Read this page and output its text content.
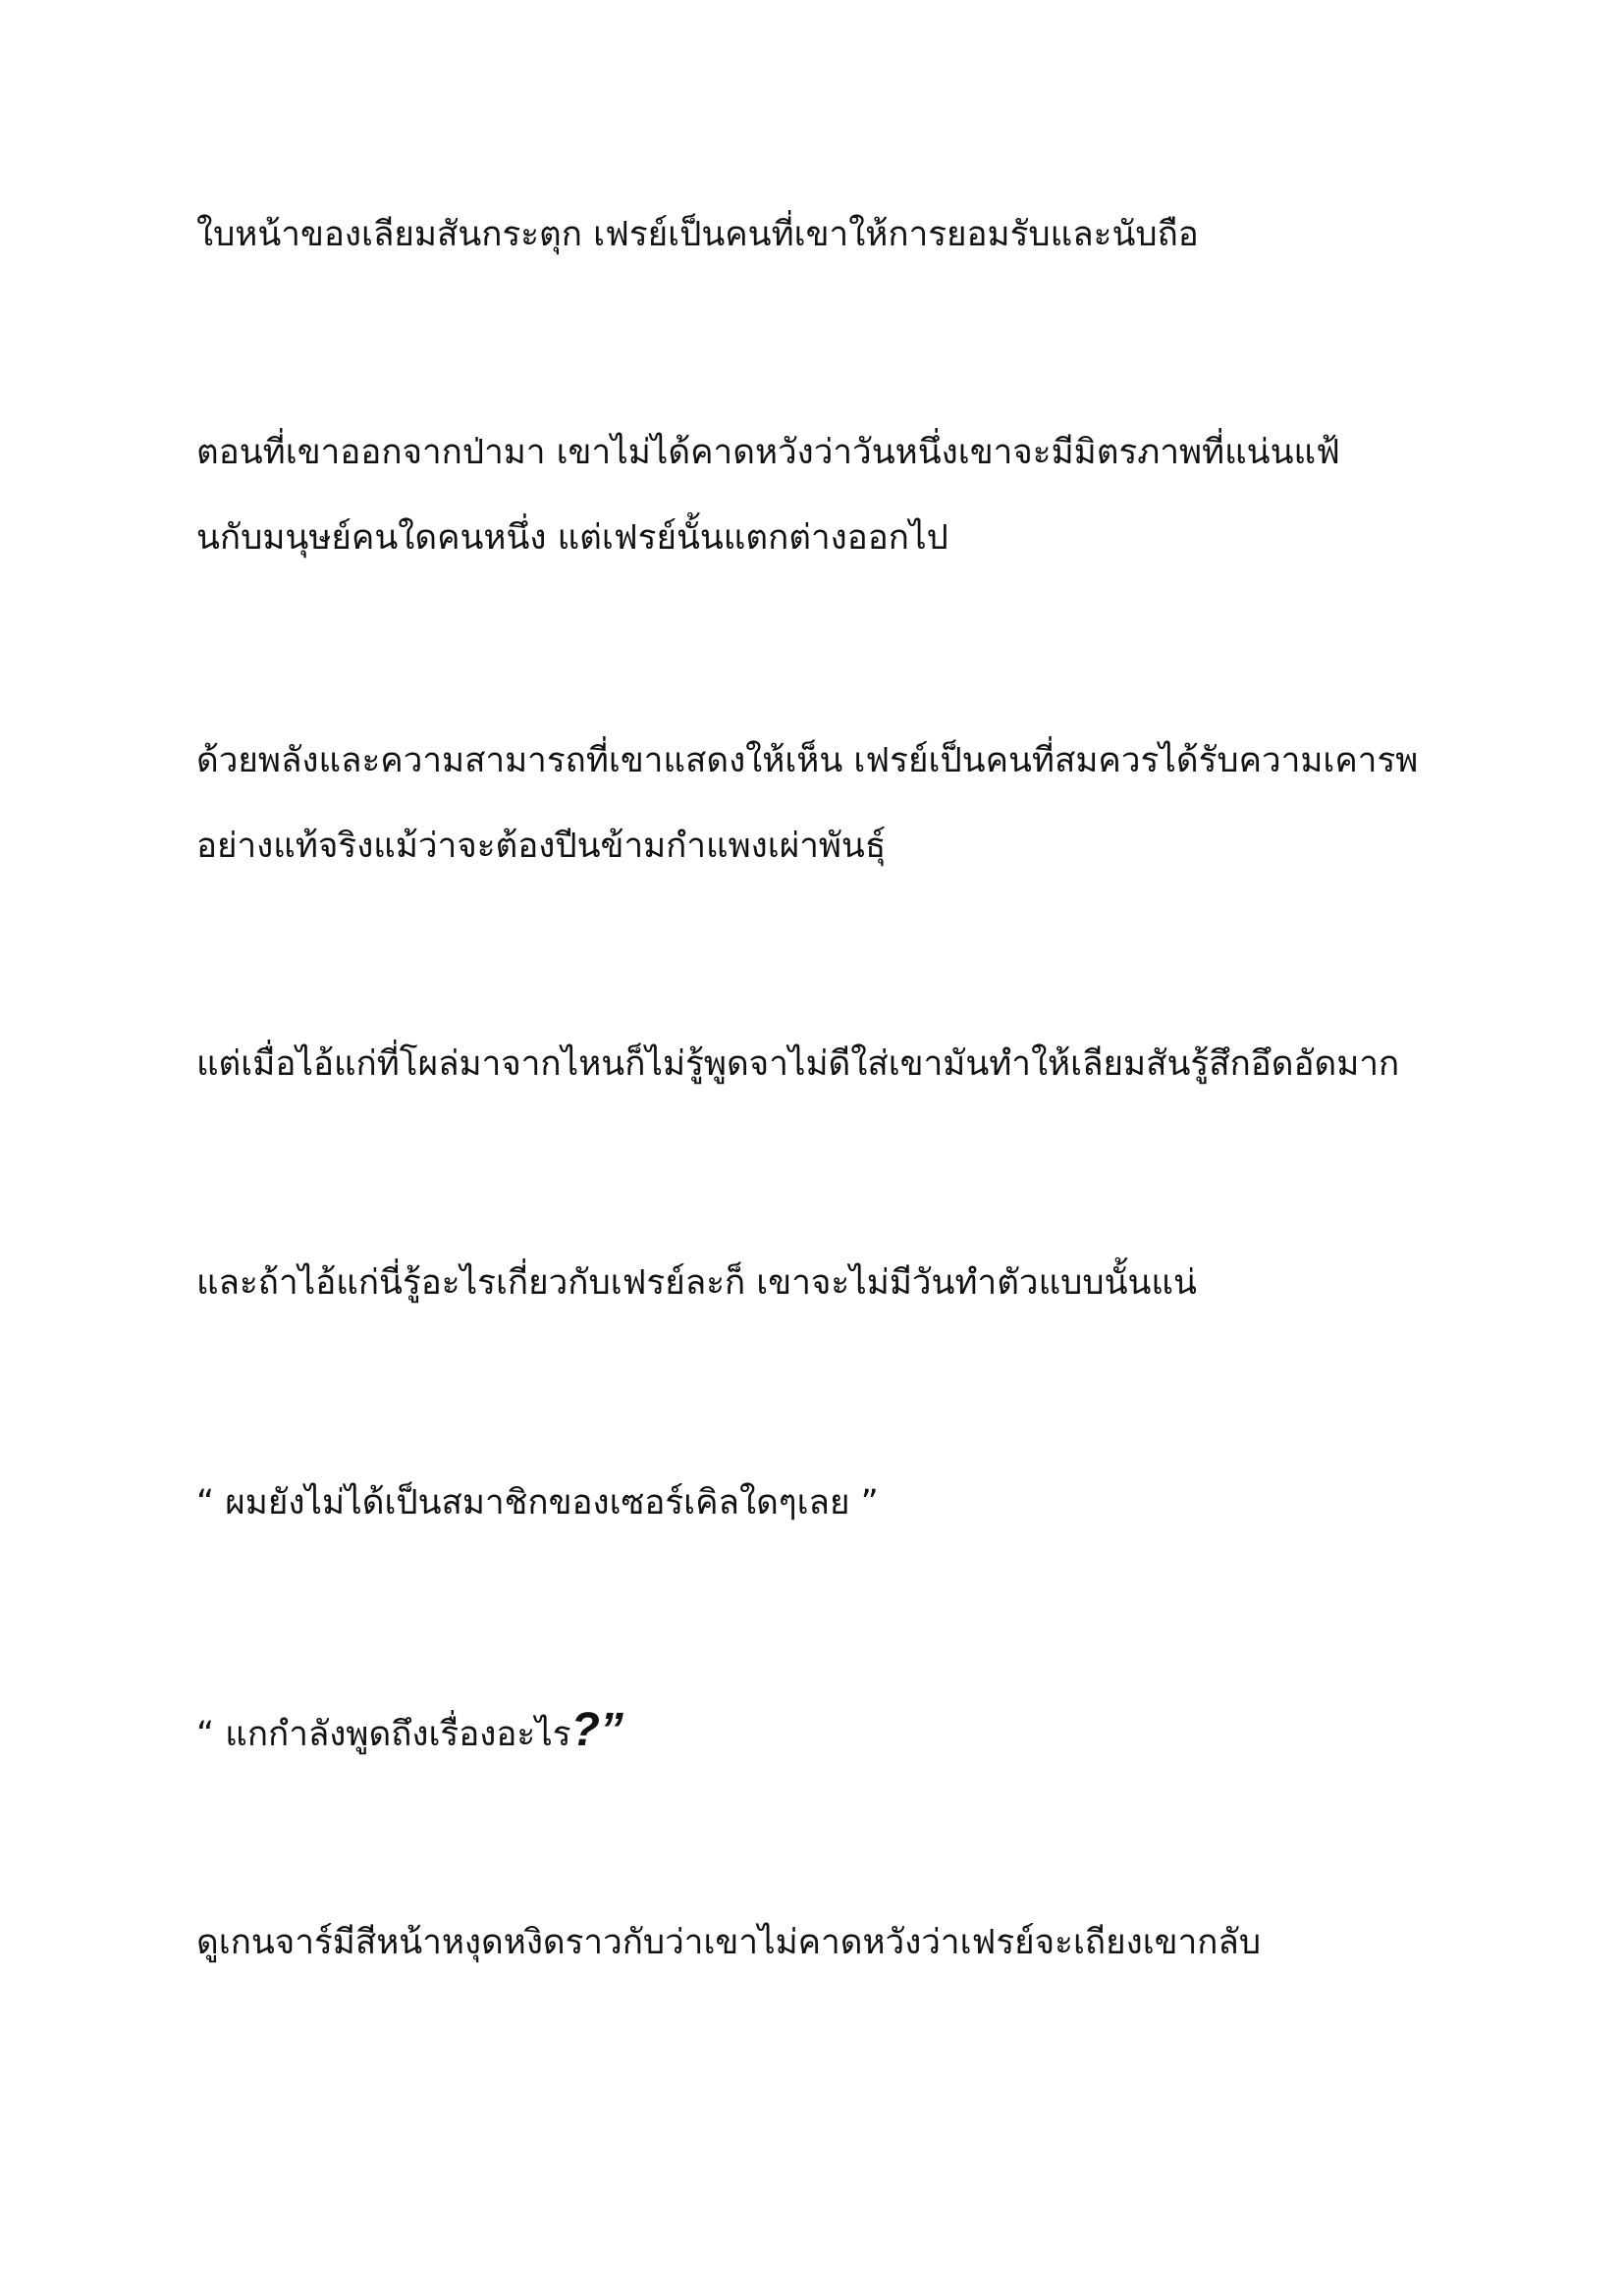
ใบหน้าของเลียมสันกระตุก เฟรย์เป็นคนที่เขาให้การยอมรับและนับถือ
ตอนที่เขาออกจากป่ามา เขาไม่ได้คาดหวังว่าวันหนึ่งเขาจะมีมิตรภาพที่แน่นแฟ้
นกับมนุษย์คนใดคนหนึ่ง แต่เฟรย์นั้นแตกต่างออกไป
ด้วยพลังและความสามารถที่เขาแสดงให้เห็น เฟรย์เป็นคนที่สมควรได้รับความเคารพ
อย่างแท้จริงแม้ว่าจะต้องปีนข้ามกำแพงเผ่าพันธุ์
แต่เมื่อไอ้แก่ที่โผล่มาจากไหนก็ไม่รู้พูดจาไม่ดีใส่เขามันทำให้เลียมสันรู้สึกอึดอัดมาก
และถ้าไอ้แก่นี่รู้อะไรเกี่ยวกับเฟรย์ละก็ เขาจะไม่มีวันทำตัวแบบนั้นแน่
“ ผมยังไม่ได้เป็นสมาชิกของเซอร์เคิลใดๆเลย ”
“ แกกำลังพูดถึงเรื่องอะไร?”
ดูเกนจาร์มีสีหน้าหงุดหงิดราวกับว่าเขาไม่คาดหวังว่าเฟรย์จะเถียงเขากลับ
